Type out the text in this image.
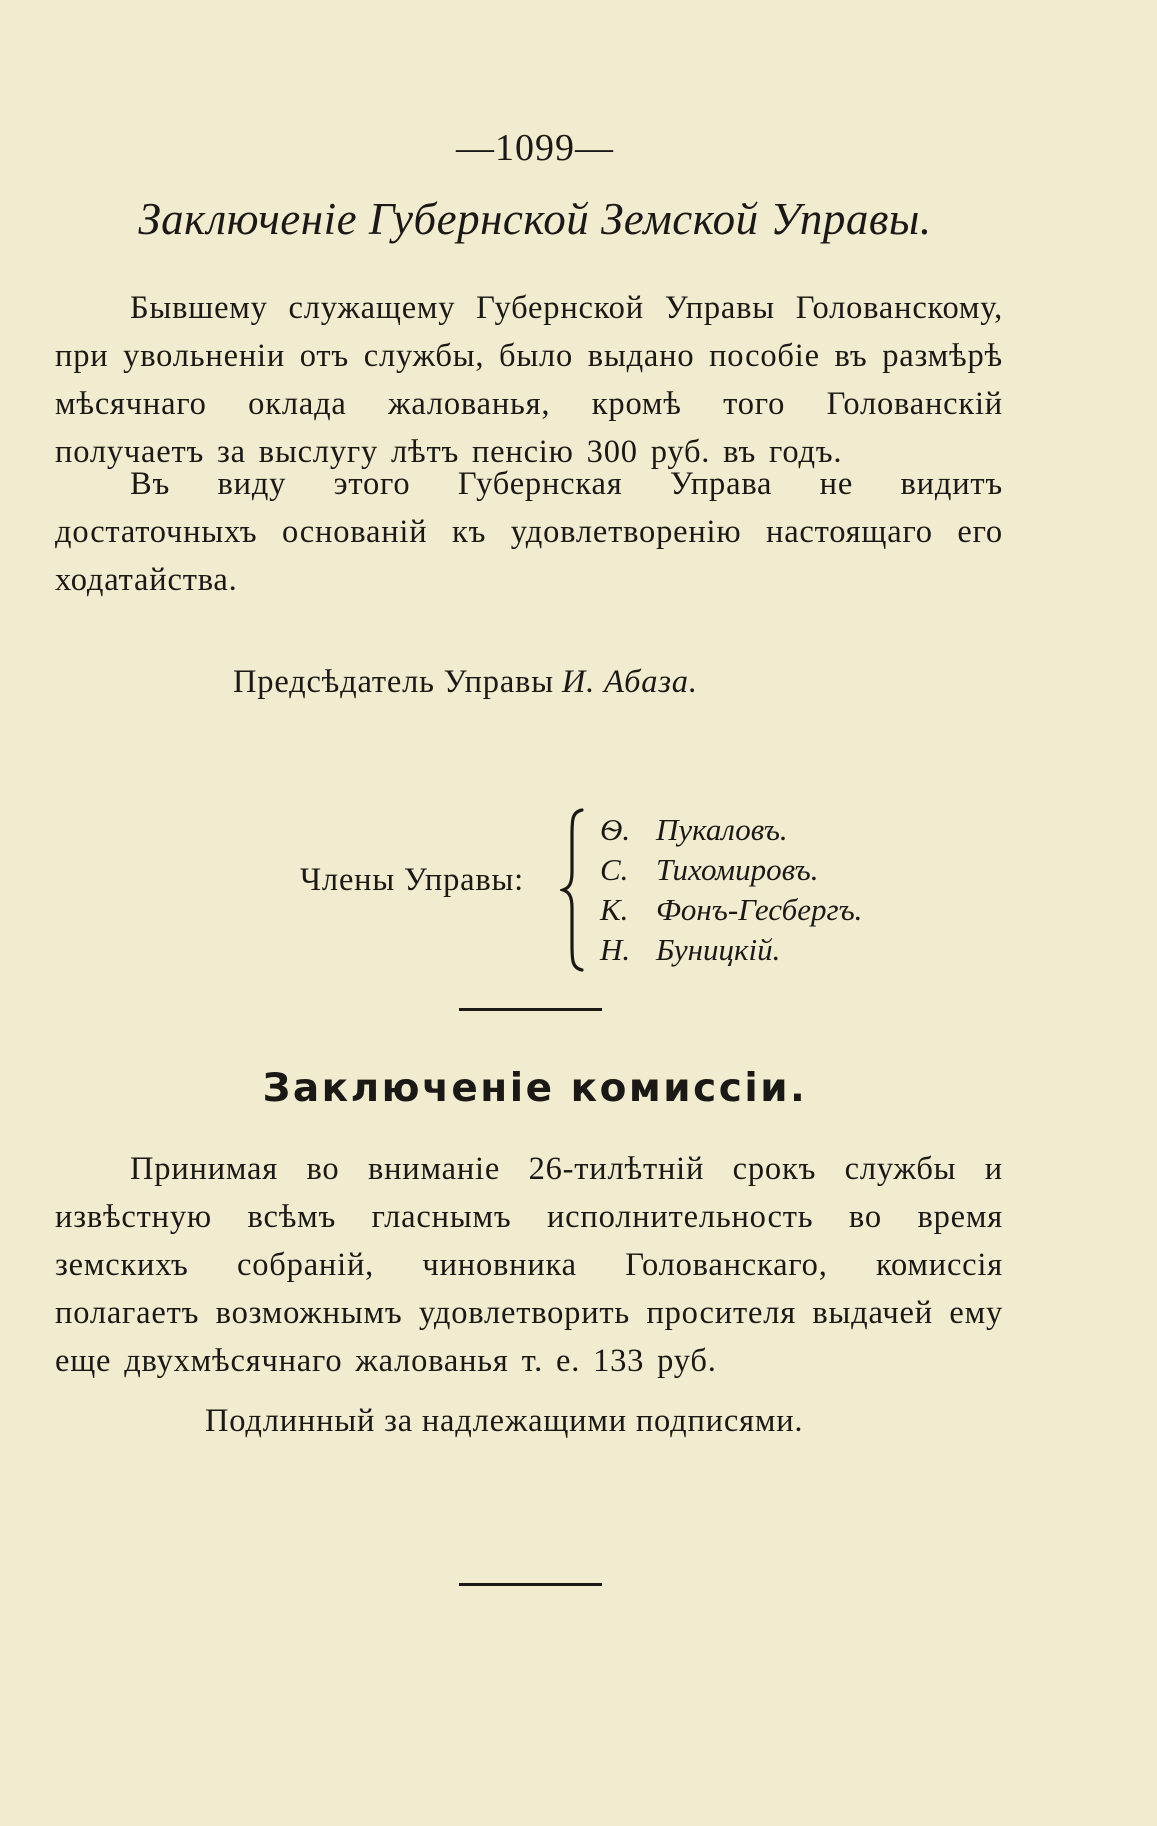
—1099—
Заключенiе Губернской Земской Управы.
Бывшему служащему Губернской Управы Голованскому, при увольненiи отъ службы, было выдано пособiе въ размѣрѣ мѣсячнаго оклада жалованья, кромѣ того Голованскiй получаетъ за выслугу лѣтъ пенсiю 300 руб. въ годъ.
Въ виду этого Губернская Управа не видитъ достаточныхъ основанiй къ удовлетворенiю настоящаго его ходатайства.
Предсѣдатель Управы И. Абаза.
Члены Управы:
Ѳ. Пукаловъ.
С. Тихомировъ.
К. Фонъ-Гесбергъ.
Н. Буницкiй.
Заключенiе комиссiи.
Принимая во вниманiе 26-тилѣтнiй срокъ службы и извѣстную всѣмъ гласнымъ исполнительность во время земскихъ собранiй, чиновника Голованскаго, комиссiя полагаетъ возможнымъ удовлетворить просителя выдачей ему еще двухмѣсячнаго жалованья т. е. 133 руб.
Подлинный за надлежащими подписями.
